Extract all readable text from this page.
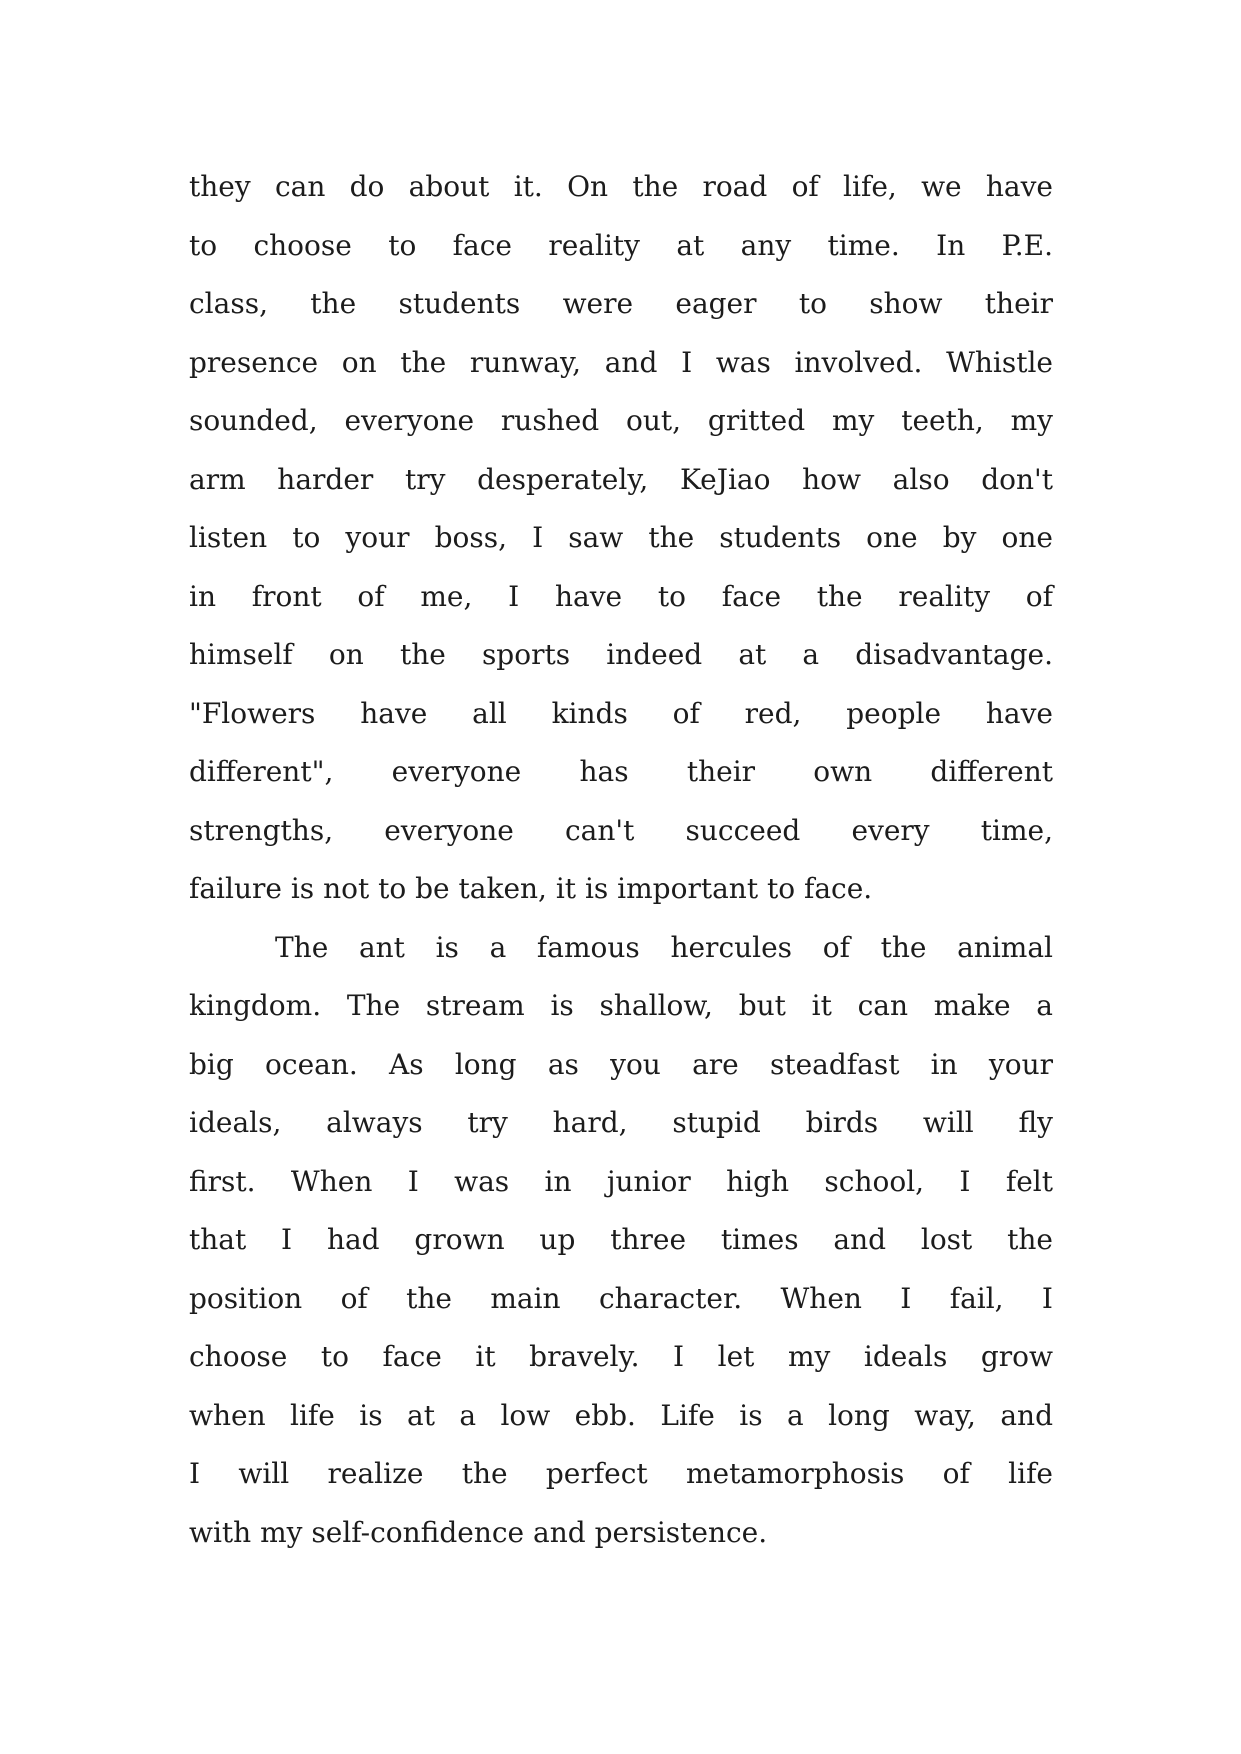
they can do about it. On the road of life, we have
to choose to face reality at any time. In P.E.
class, the students were eager to show their
presence on the runway, and I was involved. Whistle
sounded, everyone rushed out, gritted my teeth, my
arm harder try desperately, KeJiao how also don't
listen to your boss, I saw the students one by one
in front of me, I have to face the reality of
himself on the sports indeed at a disadvantage.
"Flowers have all kinds of red, people have
different", everyone has their own different
strengths, everyone can't succeed every time,
failure is not to be taken, it is important to face.
The ant is a famous hercules of the animal
kingdom. The stream is shallow, but it can make a
big ocean. As long as you are steadfast in your
ideals, always try hard, stupid birds will fly
first. When I was in junior high school, I felt
that I had grown up three times and lost the
position of the main character. When I fail, I
choose to face it bravely. I let my ideals grow
when life is at a low ebb. Life is a long way, and
I will realize the perfect metamorphosis of life
with my self-confidence and persistence.
